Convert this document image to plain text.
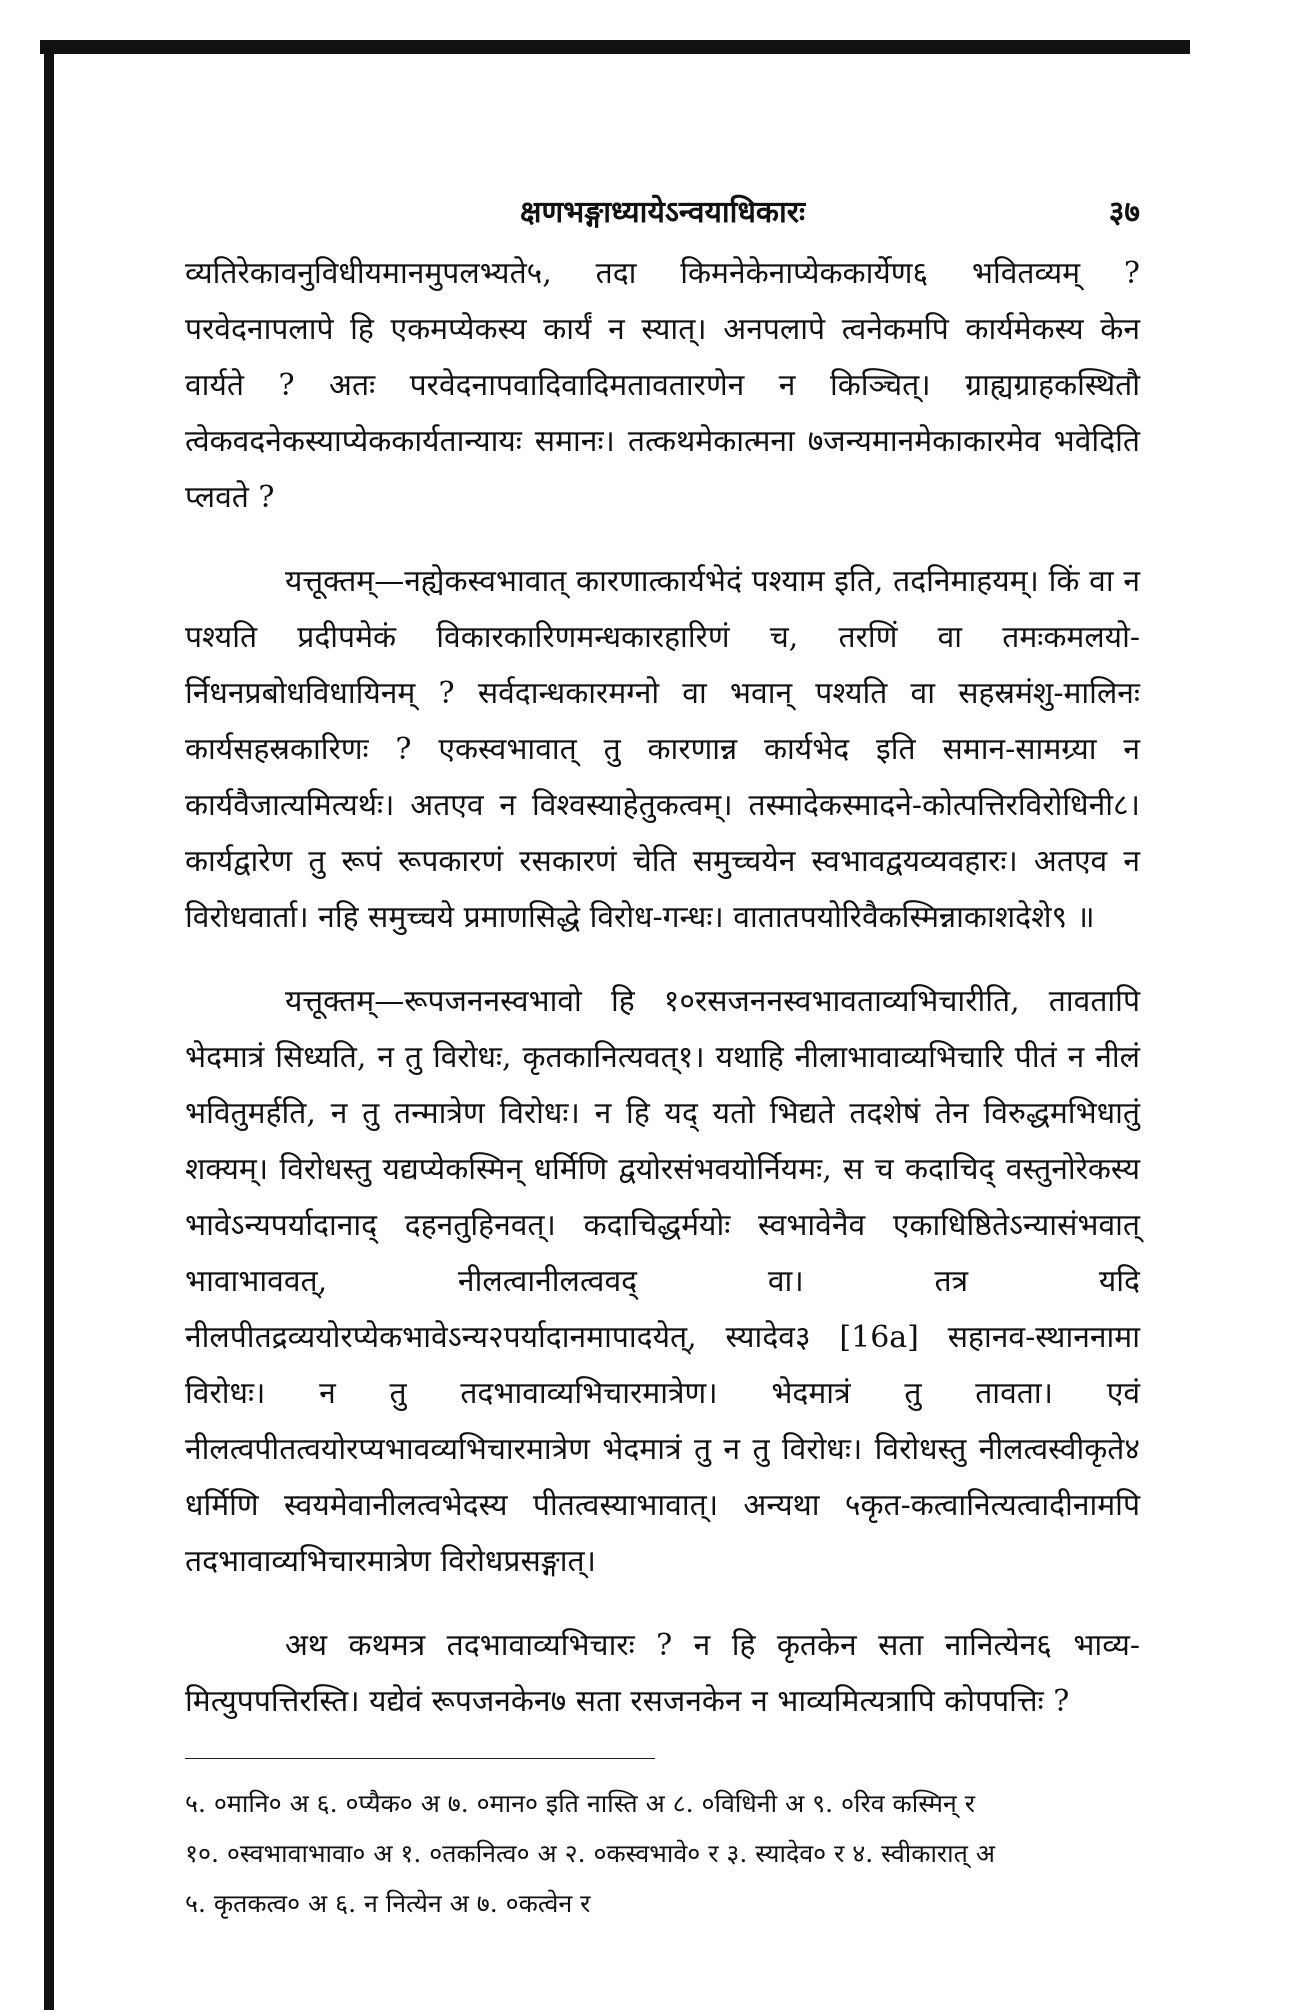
क्षणभङ्गाध्यायेऽन्वयाधिकारः	३७

व्यतिरेकावनुविधीयमानमुपलभ्यते५, तदा किमनेकेनाप्येककार्येण६ भवितव्यम् ? परवेदनापलापे हि एकमप्येकस्य कार्यं न स्यात्। अनपलापे त्वनेकमपि कार्यमेकस्य केन वार्यते ? अतः परवेदनापवादिवादिमतावतारणेन न किञ्चित्। ग्राह्यग्राहकस्थितौ त्वेकवदनेकस्याप्येककार्यतान्यायः समानः। तत्कथमेकात्मना ७जन्यमानमेकाकारमेव भवेदिति प्लवते ?

यत्तूक्तम्—नह्येकस्वभावात् कारणात्कार्यभेदं पश्याम इति, तदनिमाहयम्। किं वा न पश्यति प्रदीपमेकं विकारकारिणमन्धकारहारिणं च, तरणिं वा तमःकमलयो-र्निधनप्रबोधविधायिनम् ? सर्वदान्धकारमग्नो वा भवान् पश्यति वा सहस्रमंशु-मालिनः कार्यसहस्रकारिणः ? एकस्वभावात् तु कारणान्न कार्यभेद इति समान-सामग्र्या न कार्यवैजात्यमित्यर्थः। अतएव न विश्वस्याहेतुकत्वम्। तस्मादेकस्मादने-कोत्पत्तिरविरोधिनी८। कार्यद्वारेण तु रूपं रूपकारणं रसकारणं चेति समुच्चयेन स्वभावद्वयव्यवहारः। अतएव न विरोधवार्ता। नहि समुच्चये प्रमाणसिद्धे विरोध-गन्धः। वातातपयोरिवैकस्मिन्नाकाशदेशे९ ॥

यत्तूक्तम्—रूपजननस्वभावो हि १०रसजननस्वभावताव्यभिचारीति, तावतापि भेदमात्रं सिध्यति, न तु विरोधः, कृतकानित्यवत्१। यथाहि नीलाभावाव्यभिचारि पीतं न नीलं भवितुमर्हति, न तु तन्मात्रेण विरोधः। न हि यद् यतो भिद्यते तदशेषं तेन विरुद्धमभिधातुं शक्यम्। विरोधस्तु यद्यप्येकस्मिन् धर्मिणि द्वयोरसंभवयोर्नियमः, स च कदाचिद् वस्तुनोरेकस्य भावेऽन्यपर्यादानाद् दहनतुहिनवत्। कदाचिद्धर्मयोः स्वभावेनैव एकाधिष्ठितेऽन्यासंभवात् भावाभाववत्, नीलत्वानीलत्ववद् वा। तत्र यदि नीलपीतद्रव्ययोरप्येकभावेऽन्य२पर्यादानमापादयेत्, स्यादेव३ [16a] सहानव-स्थाननामा विरोधः। न तु तदभावाव्यभिचारमात्रेण। भेदमात्रं तु तावता। एवं नीलत्वपीतत्वयोरप्यभावव्यभिचारमात्रेण भेदमात्रं तु न तु विरोधः। विरोधस्तु नीलत्वस्वीकृते४ धर्मिणि स्वयमेवानीलत्वभेदस्य पीतत्वस्याभावात्। अन्यथा ५कृत-कत्वानित्यत्वादीनामपि तदभावाव्यभिचारमात्रेण विरोधप्रसङ्गात्।

अथ कथमत्र तदभावाव्यभिचारः ? न हि कृतकेन सता नानित्येन६ भाव्य-मित्युपपत्तिरस्ति। यद्येवं रूपजनकेन७ सता रसजनकेन न भाव्यमित्यत्रापि कोपपत्तिः ?

५. ०मानि० अ ६. ०प्यैक० अ ७. ०मान० इति नास्ति अ ८. ०विधिनी अ ९. ०रिव कस्मिन् र
१०. ०स्वभावाभावा० अ १. ०तकनित्व० अ २. ०कस्वभावे० र ३. स्यादेव० र ४. स्वीकारात् अ
५. कृतकत्व० अ ६. न नित्येन अ ७. ०कत्वेन र
